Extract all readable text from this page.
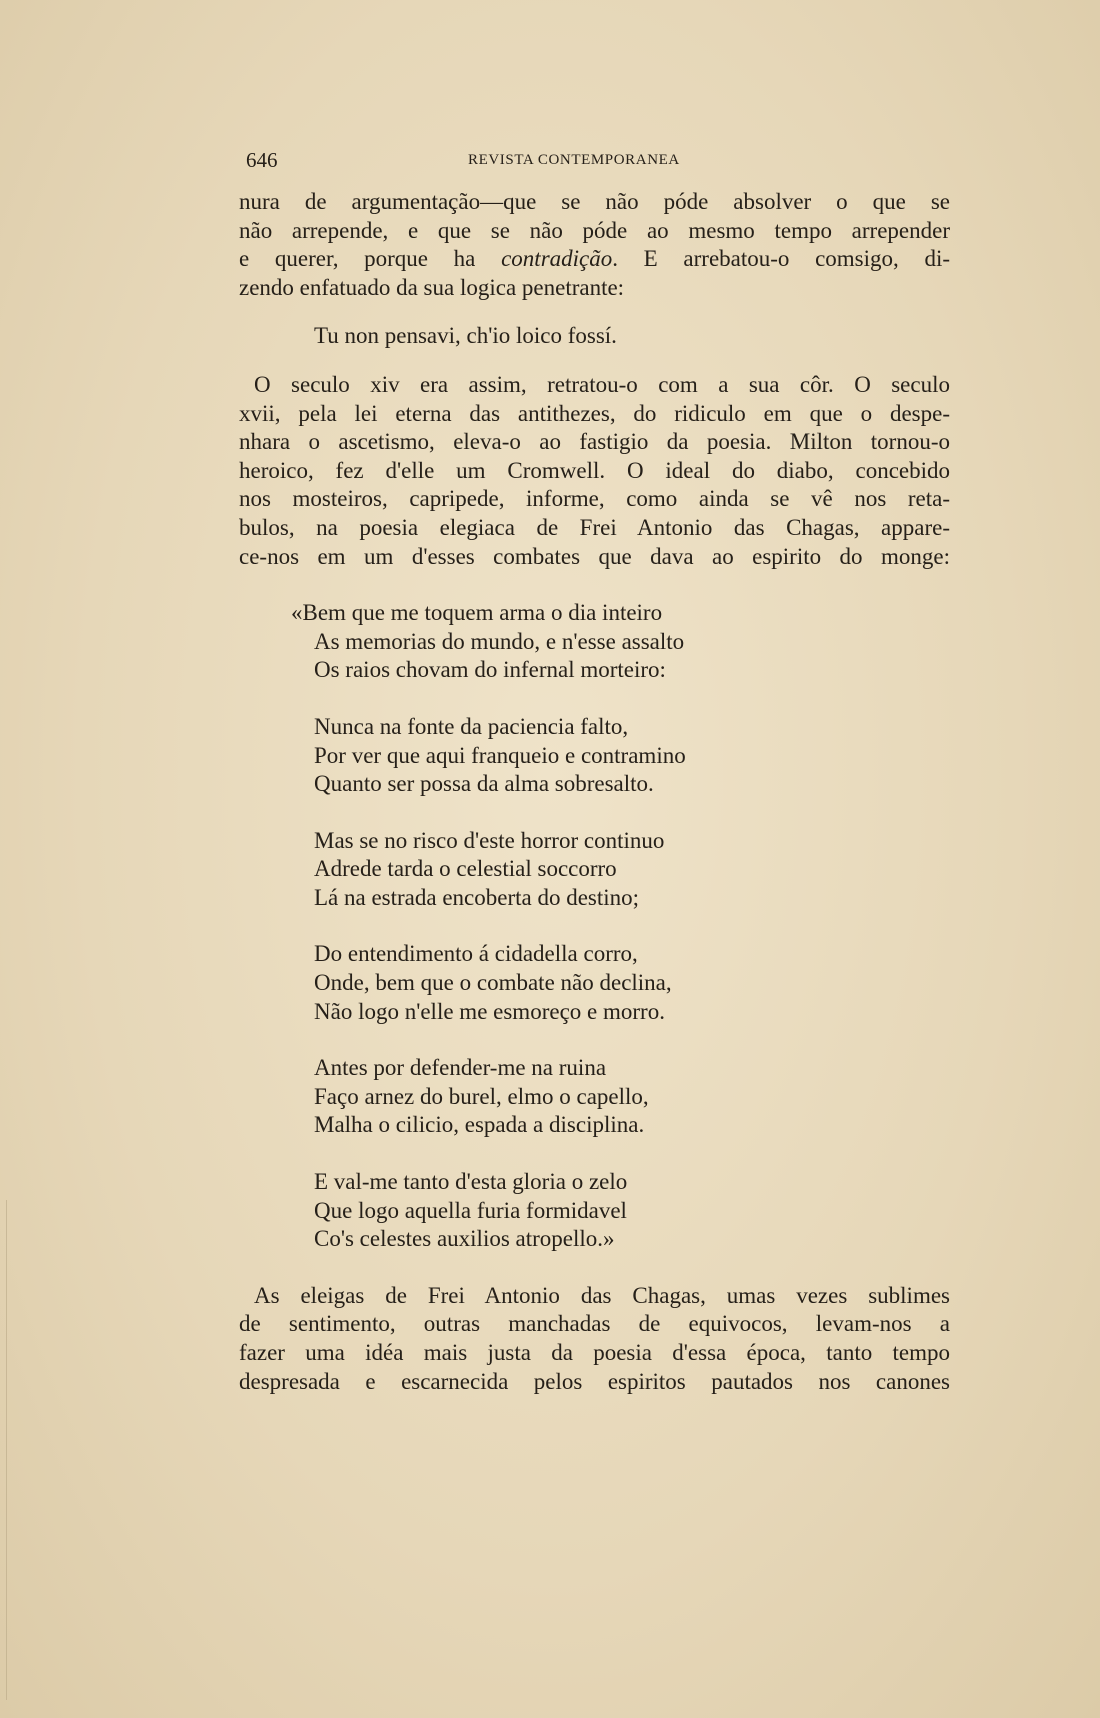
646	REVISTA CONTEMPORANEA
nura de argumentação—que se não póde absolver o que se
não arrepende, e que se não póde ao mesmo tempo arrepender
e querer, porque ha contradição. E arrebatou-o comsigo, di-
zendo enfatuado da sua logica penetrante:
Tu non pensavi, ch'io loico fossí.
O seculo xiv era assim, retratou-o com a sua côr. O seculo
xvii, pela lei eterna das antithezes, do ridiculo em que o despe-
nhara o ascetismo, eleva-o ao fastigio da poesia. Milton tornou-o
heroico, fez d'elle um Cromwell. O ideal do diabo, concebido
nos mosteiros, capripede, informe, como ainda se vê nos reta-
bulos, na poesia elegiaca de Frei Antonio das Chagas, appare-
ce-nos em um d'esses combates que dava ao espirito do monge:
«Bem que me toquem arma o dia inteiro
As memorias do mundo, e n'esse assalto
Os raios chovam do infernal morteiro:
Nunca na fonte da paciencia falto,
Por ver que aqui franqueio e contramino
Quanto ser possa da alma sobresalto.
Mas se no risco d'este horror continuo
Adrede tarda o celestial soccorro
Lá na estrada encoberta do destino;
Do entendimento á cidadella corro,
Onde, bem que o combate não declina,
Não logo n'elle me esmoreço e morro.
Antes por defender-me na ruina
Faço arnez do burel, elmo o capello,
Malha o cilicio, espada a disciplina.
E val-me tanto d'esta gloria o zelo
Que logo aquella furia formidavel
Co's celestes auxilios atropello.»
As eleigas de Frei Antonio das Chagas, umas vezes sublimes
de sentimento, outras manchadas de equivocos, levam-nos a
fazer uma idéa mais justa da poesia d'essa época, tanto tempo
despresada e escarnecida pelos espiritos pautados nos canones
